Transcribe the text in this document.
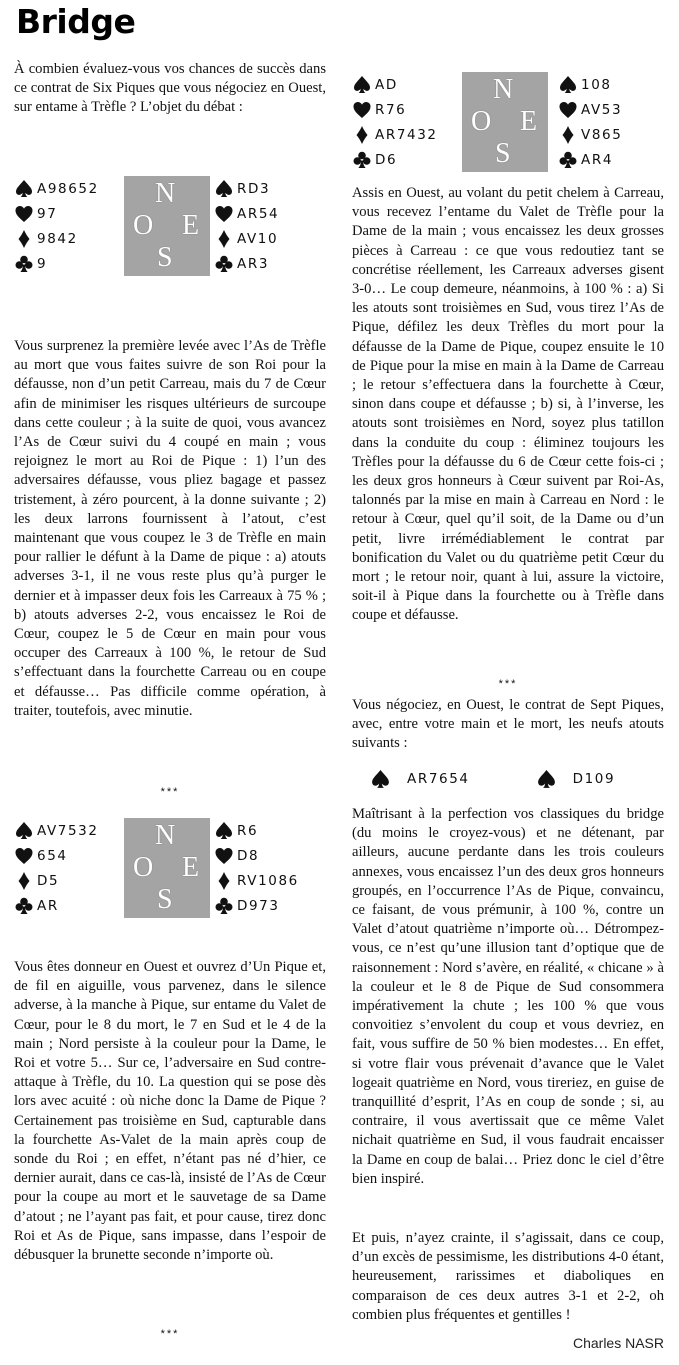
Bridge

À combien évaluez-vous vos chances de succès dans ce contrat de Six Piques que vous négociez en Ouest, sur entame à Trèfle ? L’objet du débat :

A98652
97
9842
9
N
O E
S
RD3
AR54
AV10
AR3

Vous surprenez la première levée avec l’As de Trèfle au mort que vous faites suivre de son Roi pour la défausse, non d’un petit Carreau, mais du 7 de Cœur afin de minimiser les risques ultérieurs de surcoupe dans cette couleur ; à la suite de quoi, vous avancez l’As de Cœur suivi du 4 coupé en main ; vous rejoignez le mort au Roi de Pique : 1) l’un des adversaires défausse, vous pliez bagage et passez tristement, à zéro pourcent, à la donne suivante ; 2) les deux larrons fournissent à l’atout, c’est maintenant que vous coupez le 3 de Trèfle en main pour rallier le défunt à la Dame de pique : a) atouts adverses 3-1, il ne vous reste plus qu’à purger le dernier et à impasser deux fois les Carreaux à 75 % ; b) atouts adverses 2-2, vous encaissez le Roi de Cœur, coupez le 5 de Cœur en main pour vous occuper des Carreaux à 100 %, le retour de Sud s’effectuant dans la fourchette Carreau ou en coupe et défausse… Pas difficile comme opération, à traiter, toutefois, avec minutie.

***
AV7532
654
D5
AR
N
O E
S
R6
D8
RV1086
D973

Vous êtes donneur en Ouest et ouvrez d’Un Pique et, de fil en aiguille, vous parvenez, dans le silence adverse, à la manche à Pique, sur entame du Valet de Cœur, pour le 8 du mort, le 7 en Sud et le 4 de la main ; Nord persiste à la couleur pour la Dame, le Roi et votre 5… Sur ce, l’adversaire en Sud contre-attaque à Trèfle, du 10. La question qui se pose dès lors avec acuité : où niche donc la Dame de Pique ? Certainement pas troisième en Sud, capturable dans la fourchette As-Valet de la main après coup de sonde du Roi ; en effet, n’étant pas né d’hier, ce dernier aurait, dans ce cas-là, insisté de l’As de Cœur pour la coupe au mort et le sauvetage de sa Dame d’atout ; ne l’ayant pas fait, et pour cause, tirez donc Roi et As de Pique, sans impasse, dans l’espoir de débusquer la brunette seconde n’importe où.

***
AD
R76
AR7432
D6
N
O E
S
108
AV53
V865
AR4

Assis en Ouest, au volant du petit chelem à Carreau, vous recevez l’entame du Valet de Trèfle pour la Dame de la main ; vous encaissez les deux grosses pièces à Carreau : ce que vous redoutiez tant se concrétise réellement, les Carreaux adverses gisent 3-0… Le coup demeure, néanmoins, à 100 % : a) Si les atouts sont troisièmes en Sud, vous tirez l’As de Pique, défilez les deux Trèfles du mort pour la défausse de la Dame de Pique, coupez ensuite le 10 de Pique pour la mise en main à la Dame de Carreau ; le retour s’effectuera dans la fourchette à Cœur, sinon dans coupe et défausse ; b) si, à l’inverse, les atouts sont troisièmes en Nord, soyez plus tatillon dans la conduite du coup : éliminez toujours les Trèfles pour la défausse du 6 de Cœur cette fois-ci ; les deux gros honneurs à Cœur suivent par Roi-As, talonnés par la mise en main à Carreau en Nord : le retour à Cœur, quel qu’il soit, de la Dame ou d’un petit, livre irrémédiablement le contrat par bonification du Valet ou du quatrième petit Cœur du mort ; le retour noir, quant à lui, assure la victoire, soit-il à Pique dans la fourchette ou à Trèfle dans coupe et défausse.

***

Vous négociez, en Ouest, le contrat de Sept Piques, avec, entre votre main et le mort, les neufs atouts suivants :

AR7654	D109

Maîtrisant à la perfection vos classiques du bridge (du moins le croyez-vous) et ne détenant, par ailleurs, aucune perdante dans les trois couleurs annexes, vous encaissez l’un des deux gros honneurs groupés, en l’occurrence l’As de Pique, convaincu, ce faisant, de vous prémunir, à 100 %, contre un Valet d’atout quatrième n’importe où… Détrompez-vous, ce n’est qu’une illusion tant d’optique que de raisonnement : Nord s’avère, en réalité, « chicane » à la couleur et le 8 de Pique de Sud consommera impérativement la chute ; les 100 % que vous convoitiez s’envolent du coup et vous devriez, en fait, vous suffire de 50 % bien modestes… En effet, si votre flair vous prévenait d’avance que le Valet logeait quatrième en Nord, vous tireriez, en guise de tranquillité d’esprit, l’As en coup de sonde ; si, au contraire, il vous avertissait que ce même Valet nichait quatrième en Sud, il vous faudrait encaisser la Dame en coup de balai… Priez donc le ciel d’être bien inspiré.

Et puis, n’ayez crainte, il s’agissait, dans ce coup, d’un excès de pessimisme, les distributions 4-0 étant, heureusement, rarissimes et diaboliques en comparaison de ces deux autres 3-1 et 2-2, oh combien plus fréquentes et gentilles !

Charles NASR
